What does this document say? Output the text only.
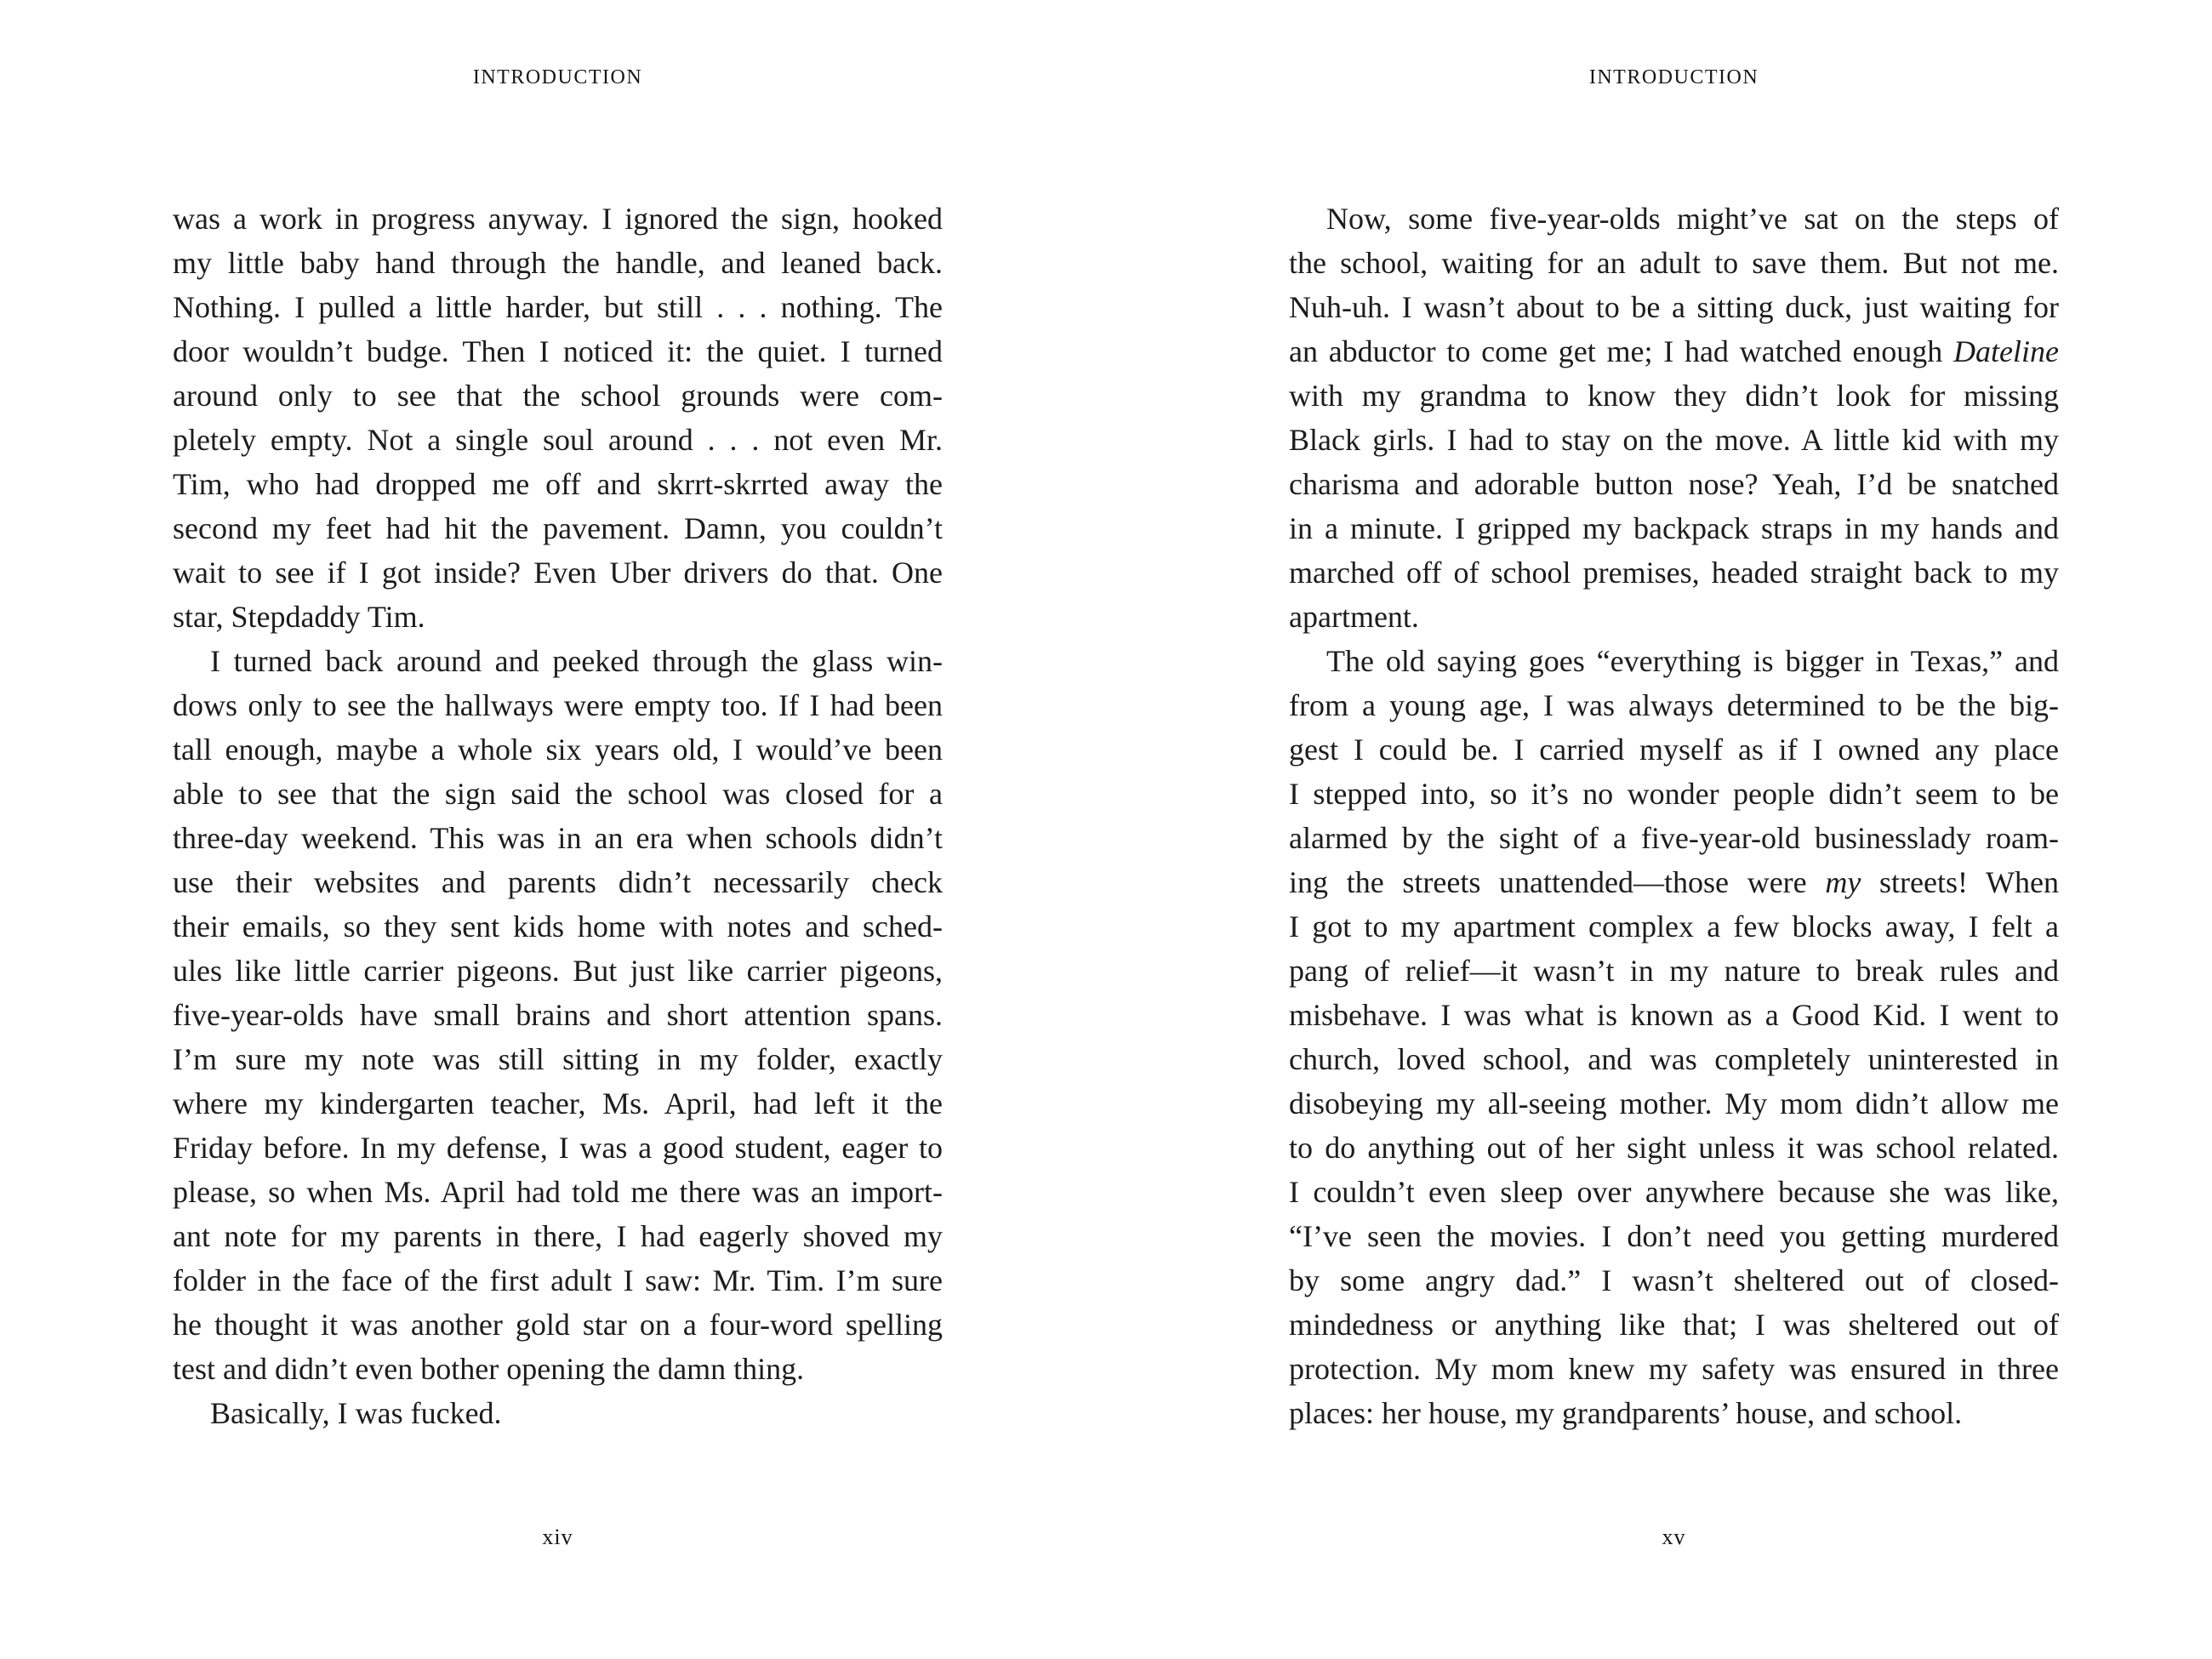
INTRODUCTION
was a work in progress anyway. I ignored the sign, hooked
my little baby hand through the handle, and leaned back.
Nothing. I pulled a little harder, but still . . . nothing. The
door wouldn’t budge. Then I noticed it: the quiet. I turned
around only to see that the school grounds were com-
pletely empty. Not a single soul around . . . not even Mr.
Tim, who had dropped me off and skrrt-skrrted away the
second my feet had hit the pavement. Damn, you couldn’t
wait to see if I got inside? Even Uber drivers do that. One
star, Stepdaddy Tim.
I turned back around and peeked through the glass win-
dows only to see the hallways were empty too. If I had been
tall enough, maybe a whole six years old, I would’ve been
able to see that the sign said the school was closed for a
three-day weekend. This was in an era when schools didn’t
use their websites and parents didn’t necessarily check
their emails, so they sent kids home with notes and sched-
ules like little carrier pigeons. But just like carrier pigeons,
five-year-olds have small brains and short attention spans.
I’m sure my note was still sitting in my folder, exactly
where my kindergarten teacher, Ms. April, had left it the
Friday before. In my defense, I was a good student, eager to
please, so when Ms. April had told me there was an import-
ant note for my parents in there, I had eagerly shoved my
folder in the face of the first adult I saw: Mr. Tim. I’m sure
he thought it was another gold star on a four-word spelling
test and didn’t even bother opening the damn thing.
Basically, I was fucked.
xiv
INTRODUCTION
Now, some five-year-olds might’ve sat on the steps of
the school, waiting for an adult to save them. But not me.
Nuh-uh. I wasn’t about to be a sitting duck, just waiting for
an abductor to come get me; I had watched enough Dateline
with my grandma to know they didn’t look for missing
Black girls. I had to stay on the move. A little kid with my
charisma and adorable button nose? Yeah, I’d be snatched
in a minute. I gripped my backpack straps in my hands and
marched off of school premises, headed straight back to my
apartment.
The old saying goes “everything is bigger in Texas,” and
from a young age, I was always determined to be the big-
gest I could be. I carried myself as if I owned any place
I stepped into, so it’s no wonder people didn’t seem to be
alarmed by the sight of a five-year-old businesslady roam-
ing the streets unattended—those were my streets! When
I got to my apartment complex a few blocks away, I felt a
pang of relief—it wasn’t in my nature to break rules and
misbehave. I was what is known as a Good Kid. I went to
church, loved school, and was completely uninterested in
disobeying my all-seeing mother. My mom didn’t allow me
to do anything out of her sight unless it was school related.
I couldn’t even sleep over anywhere because she was like,
“I’ve seen the movies. I don’t need you getting murdered
by some angry dad.” I wasn’t sheltered out of closed-
mindedness or anything like that; I was sheltered out of
protection. My mom knew my safety was ensured in three
places: her house, my grandparents’ house, and school.
xv
